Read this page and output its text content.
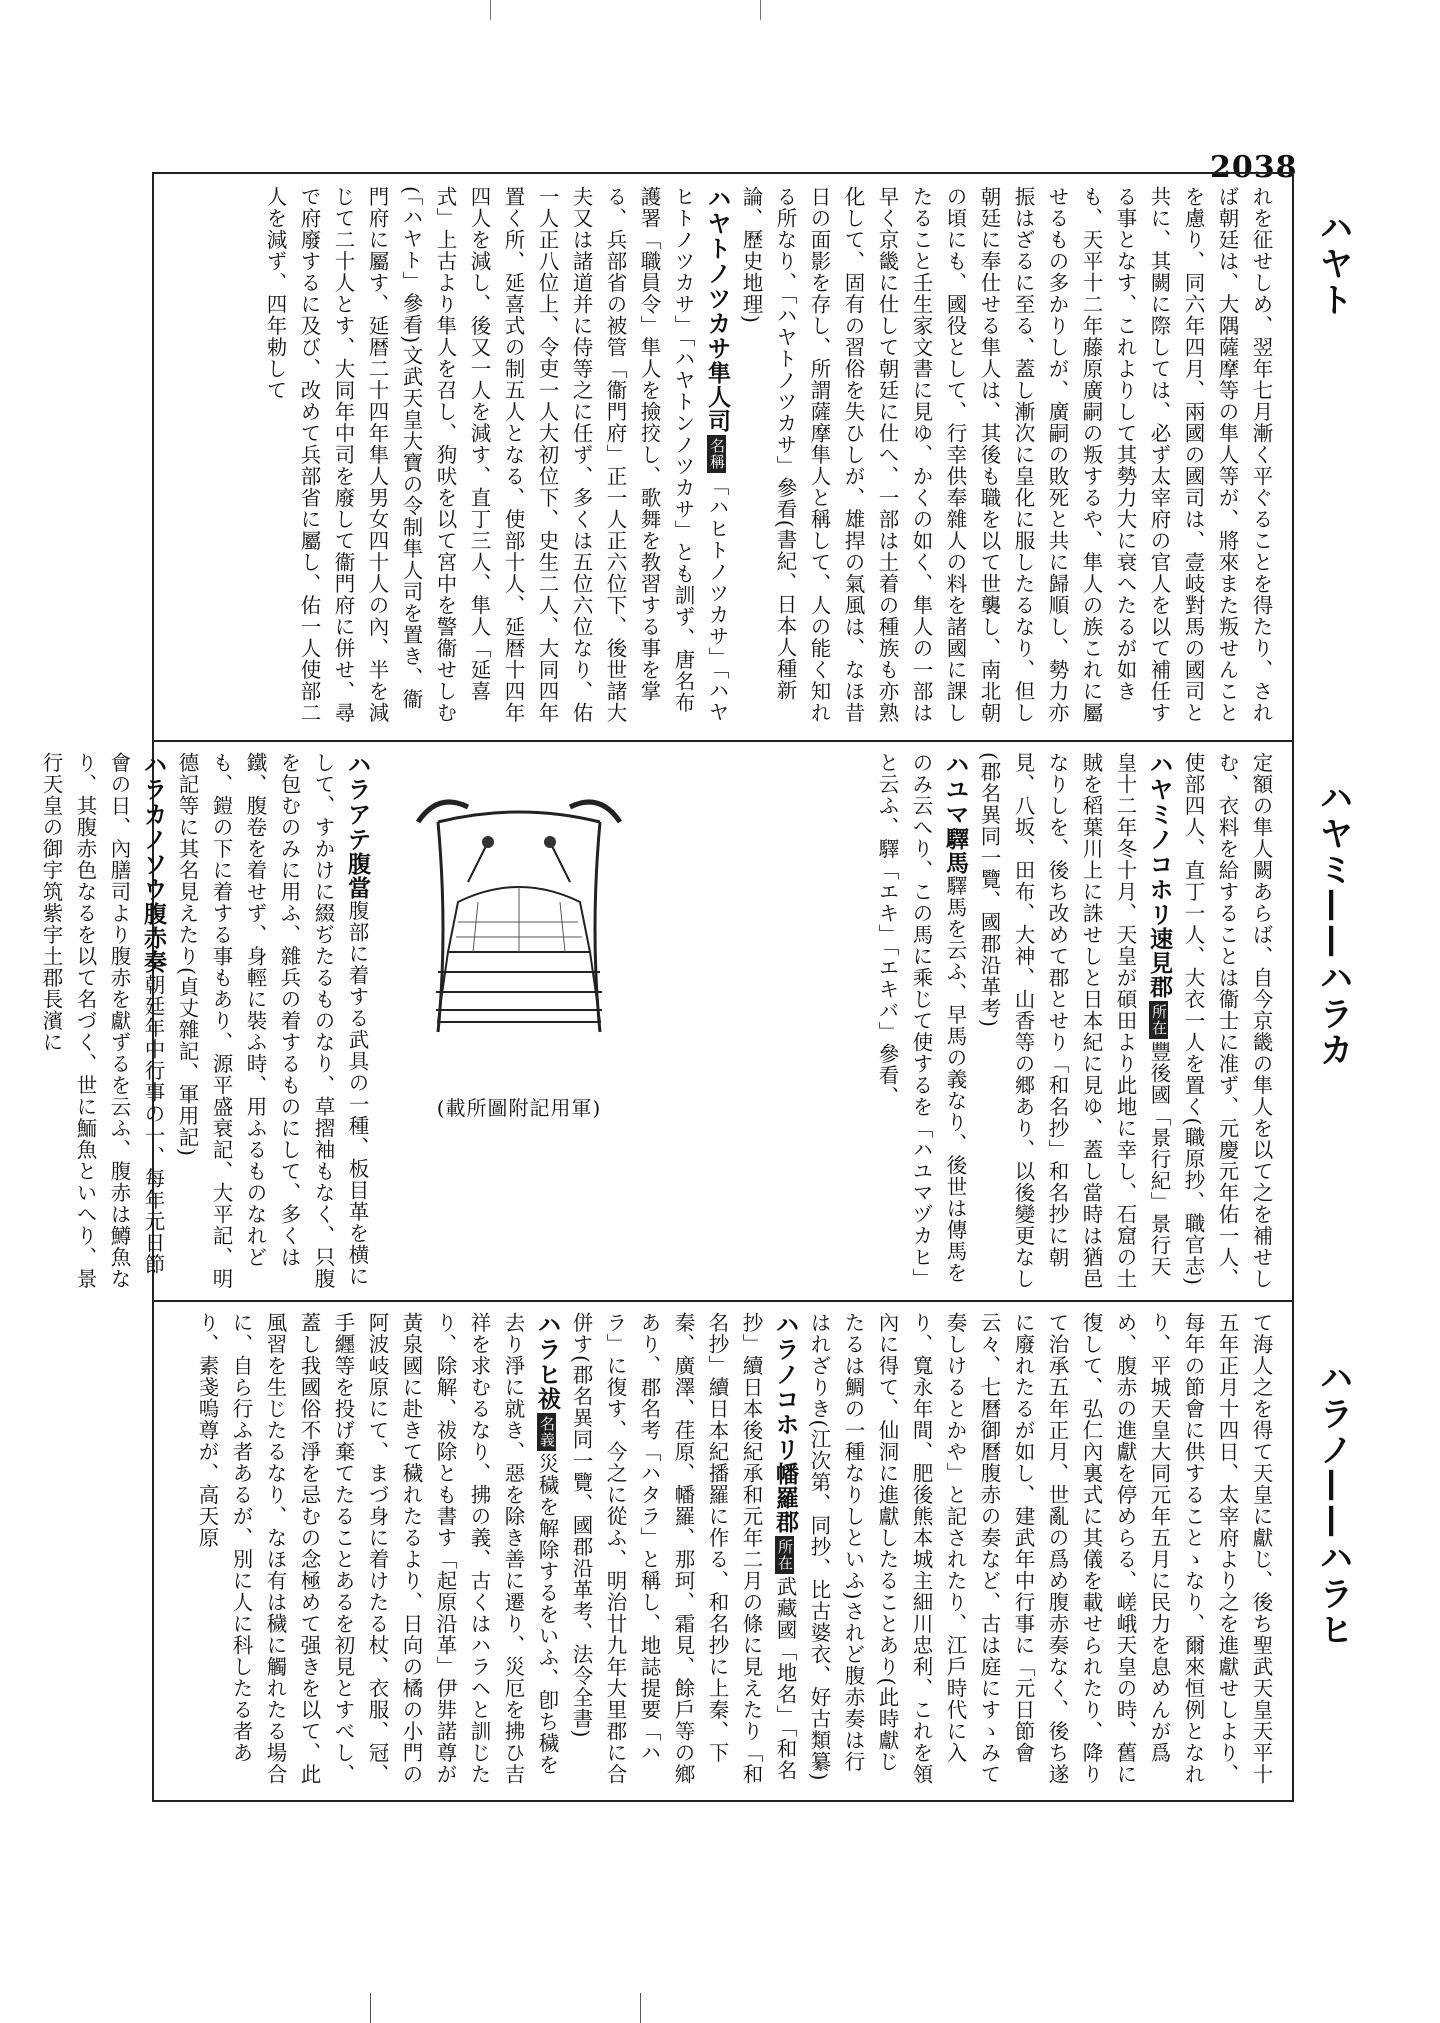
2038
ハヤト
ハヤミ——ハラカ
ハラノ——ハラヒ

れを征せしめ、翌年七月漸く平ぐることを得たり、されば朝廷は、大隅薩摩等の隼人等が、將來また叛せんことを慮り、同六年四月、兩國の國司は、壹岐對馬の國司と共に、其闕に際しては、必ず太宰府の官人を以て補任する事となす、これよりして其勢力大に衰へたるが如きも、天平十二年藤原廣嗣の叛するや、隼人の族これに屬せるもの多かりしが、廣嗣の敗死と共に歸順し、勢力亦振はざるに至る、蓋し漸次に皇化に服したるなり、但し朝廷に奉仕せる隼人は、其後も職を以て世襲し、南北朝の頃にも、國役として、行幸供奉雜人の料を諸國に課したること壬生家文書に見ゆ、かくの如く、隼人の一部は早く京畿に仕して朝廷に仕へ、一部は土着の種族も亦熟化して、固有の習俗を失ひしが、雄捍の氣風は、なほ昔日の面影を存し、所謂薩摩隼人と稱して、人の能く知れる所なり、「ハヤトノツカサ」參看(書紀、日本人種新論、歷史地理)

ハヤトノツカサ隼人司名稱「ハヒトノツカサ」「ハヤヒトノツカサ」「ハヤトンノツカサ」とも訓ず、唐名布護署「職員令」隼人を撿挍し、歌舞を教習する事を掌る、兵部省の被管「衞門府」正一人正六位下、後世諸大夫又は諸道并に侍等之に任ず、多くは五位六位なり、佑一人正八位上、令吏一人大初位下、史生二人、大同四年置く所、延喜式の制五人となる、使部十人、延暦十四年四人を減し、後又一人を減す、直丁三人、隼人「延喜式」上古より隼人を召し、狗吠を以て宮中を警衞せしむ(「ハヤト」參看)文武天皇大寶の令制隼人司を置き、衞門府に屬す、延暦二十四年隼人男女四十人の內、半を減じて二十人とす、大同年中司を廢して衞門府に併せ、尋で府廢するに及び、改めて兵部省に屬し、佑一人使部二人を減ず、四年勅して

定額の隼人闕あらば、自今京畿の隼人を以て之を補せしむ、衣料を給することは衞士に准ず、元慶元年佑一人、使部四人、直丁一人、大衣一人を置く(職原抄、職官志)

ハヤミノコホリ速見郡所在豐後國「景行紀」景行天皇十二年冬十月、天皇が碩田より此地に幸し、石窟の土賊を稻葉川上に誅せしと日本紀に見ゆ、蓋し當時は猶邑なりしを、後ち改めて郡とせり「和名抄」和名抄に朝見、八坂、田布、大神、山香等の郷あり、以後變更なし(郡名異同一覽、國郡沿革考)

ハユマ驛馬驛馬を云ふ、早馬の義なり、後世は傳馬をのみ云へり、この馬に乘じて使するを「ハユマヅカヒ」と云ふ、驛「エキ」「エキバ」參看、

(載所圖附記用軍)

ハラアテ腹當腹部に着する武具の一種、板目革を横にして、すかけに綴ぢたるものなり、草摺袖もなく、只腹を包むのみに用ふ、雜兵の着するものにして、多くは鐵、腹卷を着せず、身輕に裝ふ時、用ふるものなれども、鎧の下に着する事もあり、源平盛衰記、大平記、明德記等に其名見えたり(貞丈雜記、軍用記)

ハラカノソウ腹赤奏朝廷年中行事の一、每年元日節會の日、內膳司より腹赤を獻ずるを云ふ、腹赤は鱒魚なり、其腹赤色なるを以て名づく、世に鮞魚といへり、景行天皇の御宇筑紫宇土郡長濱に

て海人之を得て天皇に獻じ、後ち聖武天皇天平十五年正月十四日、太宰府より之を進獻せしより、每年の節會に供することゝなり、爾來恒例となれり、平城天皇大同元年五月に民力を息めんが爲め、腹赤の進獻を停めらる、嵯峨天皇の時、舊に復して、弘仁內裏式に其儀を載せられたり、降りて治承五年正月、世亂の爲め腹赤奏なく、後ち遂に廢れたるが如し、建武年中行事に「元日節會云々、七曆御曆腹赤の奏など、古は庭にすゝみて奏しけるとかや」と記されたり、江戶時代に入り、寬永年間、肥後熊本城主細川忠利、これを領內に得て、仙洞に進獻したることあり(此時獻じたるは鯛の一種なりしといふ)されど腹赤奏は行はれざりき(江次第、同抄、比古婆衣、好古類纂)

ハラノコホリ幡羅郡所在武藏國「地名」「和名抄」續日本後紀承和元年二月の條に見えたり「和名抄」續日本紀播羅に作る、和名抄に上秦、下秦、廣澤、荏原、幡羅、那珂、霜見、餘戶等の鄉あり、郡名考「ハタラ」と稱し、地誌提要「ハラ」に復す、今之に從ふ、明治廿九年大里郡に合併す(郡名異同一覽、國郡沿革考、法令全書)

ハラヒ祓名義災穢を解除するをいふ、卽ち穢を去り淨に就き、惡を除き善に遷り、災厄を拂ひ吉祥を求むるなり、拂の義、古くはハラヘと訓じたり、除解、祓除とも書す「起原沿革」伊弉諾尊が黃泉國に赴きて穢れたるより、日向の橘の小門の阿波岐原にて、まづ身に着けたる杖、衣服、冠、手纒等を投げ棄てたることあるを初見とすべし、蓋し我國俗不淨を忌むの念極めて强きを以て、此風習を生じたるなり、なほ有は穢に觸れたる場合に、自ら行ふ者あるが、別に人に科したる者あり、素戔嗚尊が、高天原
